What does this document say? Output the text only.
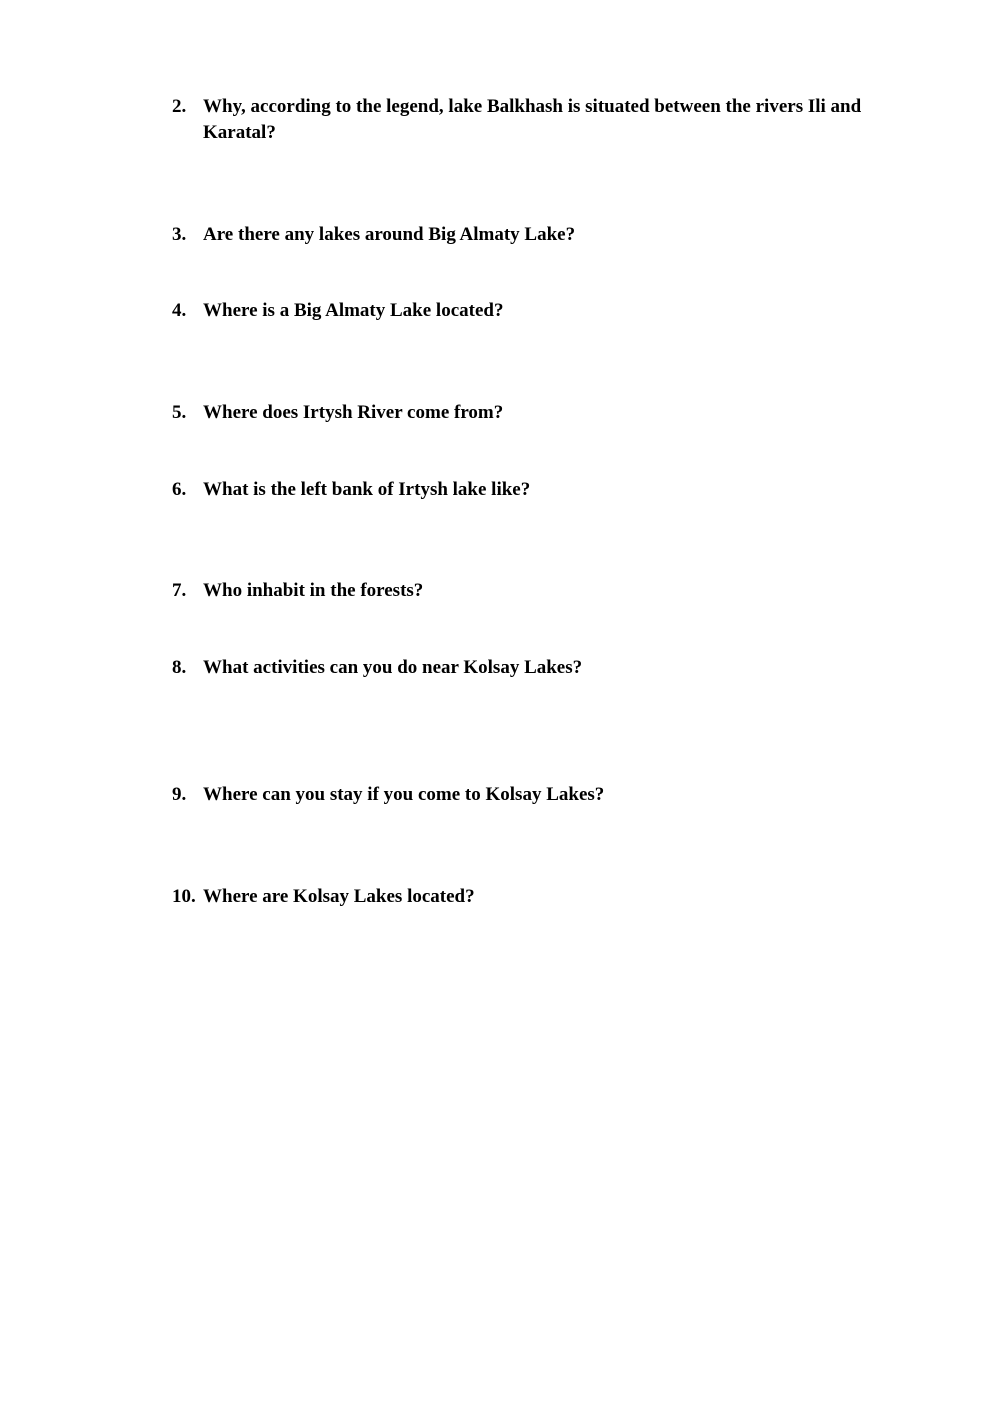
2. Why, according to the legend, lake Balkhash is situated between the rivers Ili and Karatal?
3. Are there any lakes around Big Almaty Lake?
4. Where is a Big Almaty Lake located?
5. Where does Irtysh River come from?
6. What is the left bank of Irtysh lake like?
7. Who inhabit in the forests?
8. What activities can you do near Kolsay Lakes?
9. Where can you stay if you come to Kolsay Lakes?
10. Where are Kolsay Lakes located?
